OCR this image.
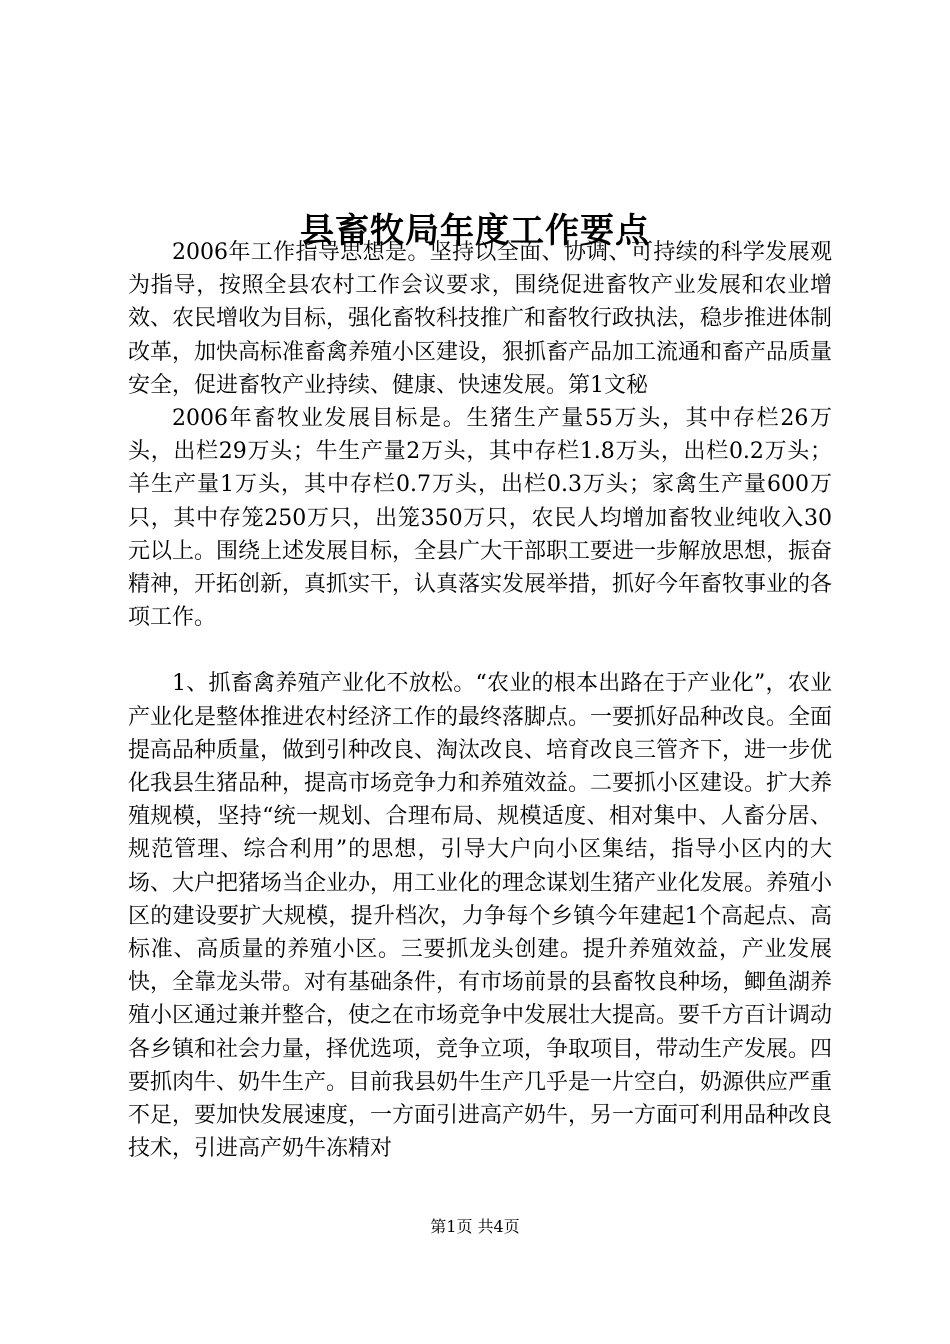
县畜牧局年度工作要点

2006年工作指导思想是。坚持以全面、协调、可持续的科学发展观为指导，按照全县农村工作会议要求，围绕促进畜牧产业发展和农业增效、农民增收为目标，强化畜牧科技推广和畜牧行政执法，稳步推进体制改革，加快高标准畜禽养殖小区建设，狠抓畜产品加工流通和畜产品质量安全，促进畜牧产业持续、健康、快速发展。第1文秘

2006年畜牧业发展目标是。生猪生产量55万头，其中存栏26万头，出栏29万头；牛生产量2万头，其中存栏1.8万头，出栏0.2万头；羊生产量1万头，其中存栏0.7万头，出栏0.3万头；家禽生产量600万只，其中存笼250万只，出笼350万只，农民人均增加畜牧业纯收入30元以上。围绕上述发展目标，全县广大干部职工要进一步解放思想，振奋精神，开拓创新，真抓实干，认真落实发展举措，抓好今年畜牧事业的各项工作。

1、抓畜禽养殖产业化不放松。“农业的根本出路在于产业化”，农业产业化是整体推进农村经济工作的最终落脚点。一要抓好品种改良。全面提高品种质量，做到引种改良、淘汰改良、培育改良三管齐下，进一步优化我县生猪品种，提高市场竞争力和养殖效益。二要抓小区建设。扩大养殖规模，坚持“统一规划、合理布局、规模适度、相对集中、人畜分居、规范管理、综合利用”的思想，引导大户向小区集结，指导小区内的大场、大户把猪场当企业办，用工业化的理念谋划生猪产业化发展。养殖小区的建设要扩大规模，提升档次，力争每个乡镇今年建起1个高起点、高标准、高质量的养殖小区。三要抓龙头创建。提升养殖效益，产业发展快，全靠龙头带。对有基础条件，有市场前景的县畜牧良种场，鲫鱼湖养殖小区通过兼并整合，使之在市场竞争中发展壮大提高。要千方百计调动各乡镇和社会力量，择优选项，竞争立项，争取项目，带动生产发展。四要抓肉牛、奶牛生产。目前我县奶牛生产几乎是一片空白，奶源供应严重不足，要加快发展速度，一方面引进高产奶牛，另一方面可利用品种改良技术，引进高产奶牛冻精对

第1页 共4页
